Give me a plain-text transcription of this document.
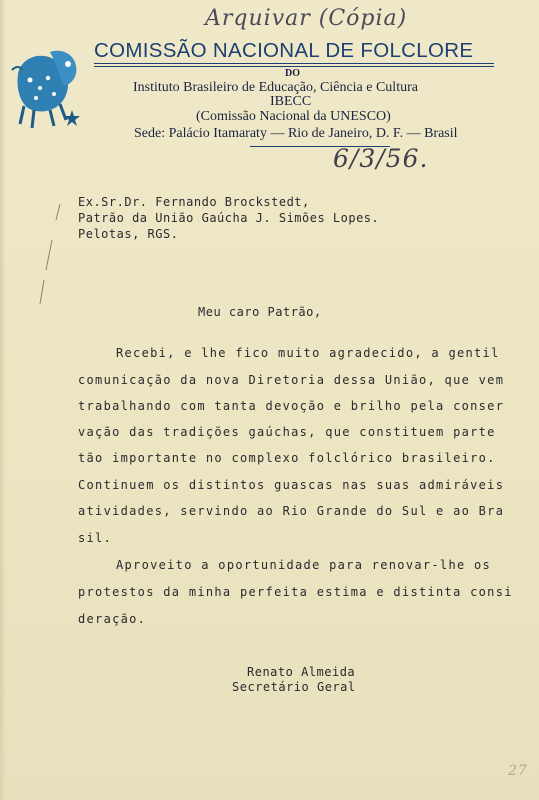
Arquivar (Cópia)
COMISSÃO NACIONAL DE FOLCLORE
DO
Instituto Brasileiro de Educação, Ciência e Cultura
IBECC
(Comissão Nacional da UNESCO)
Sede: Palácio Itamaraty — Rio de Janeiro, D. F. — Brasil
6/3/56.
Ex.Sr.Dr. Fernando Brockstedt,
Patrão da União Gaúcha J. Simões Lopes.
Pelotas, RGS.
Meu caro Patrão,
Recebi, e lhe fico muito agradecido, a gentil
comunicação da nova Diretoria dessa União, que vem
trabalhando com tanta devoção e brilho pela conser
vação das tradições gaúchas, que constituem parte
tão importante no complexo folclórico brasileiro.
Continuem os distintos guascas nas suas admiráveis
atividades, servindo ao Rio Grande do Sul e ao Bra
sil.
Aproveito a oportunidade para renovar-lhe os
protestos da minha perfeita estima e distinta consi
deração.
Renato Almeida
Secretário Geral
27
